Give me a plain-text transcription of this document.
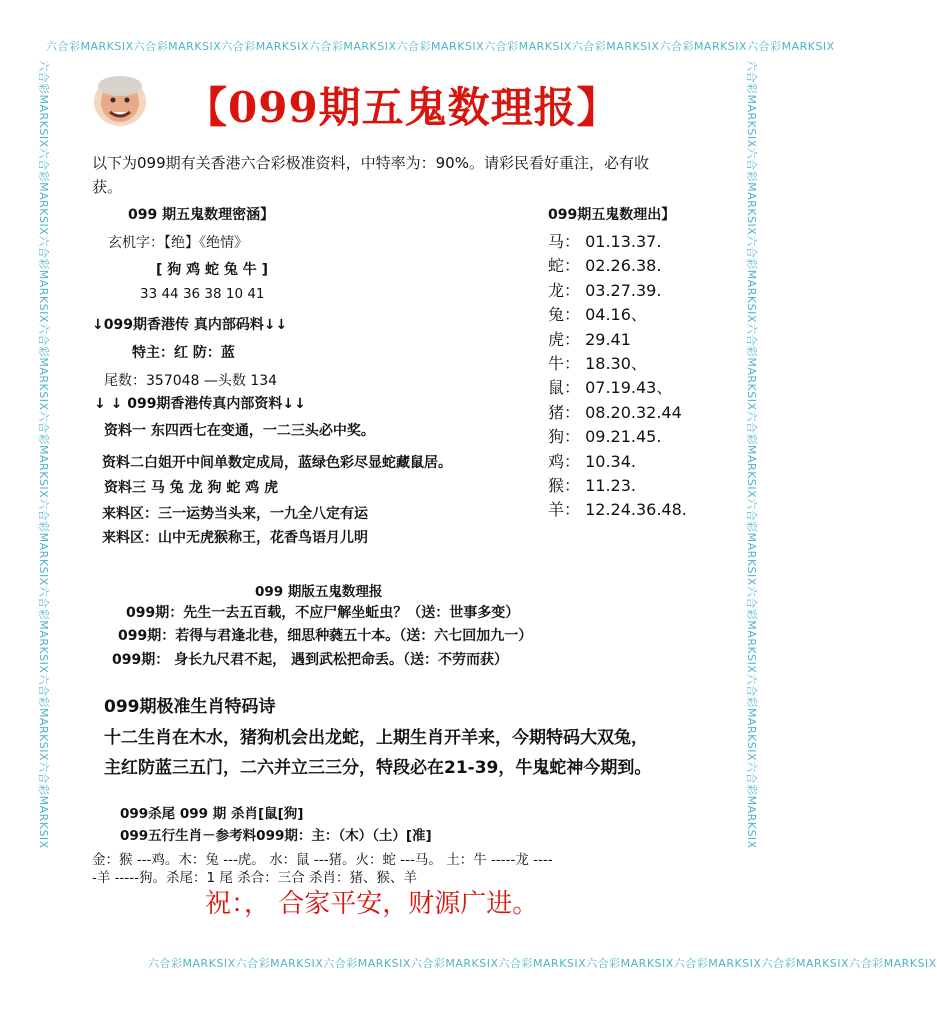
六合彩MARKSIX六合彩MARKSIX六合彩MARKSIX六合彩MARKSIX六合彩MARKSIX六合彩MARKSIX六合彩MARKSIX六合彩MARKSIX六合彩MARKSIX
六合彩MARKSIX六合彩MARKSIX六合彩MARKSIX六合彩MARKSIX六合彩MARKSIX六合彩MARKSIX六合彩MARKSIX六合彩MARKSIX六合彩MARKSIX
六合彩MARKSIX六合彩MARKSIX六合彩MARKSIX六合彩MARKSIX六合彩MARKSIX六合彩MARKSIX六合彩MARKSIX六合彩MARKSIX六合彩MARKSIX	六合彩MARKSIX六合彩MARKSIX六合彩MARKSIX六合彩MARKSIX六合彩MARKSIX六合彩MARKSIX六合彩MARKSIX六合彩MARKSIX六合彩MARKSIX
【099期五鬼数理报】
以下为099期有关香港六合彩极准资料，中特率为：90%。请彩民看好重注，必有收
获。
099 期五鬼数理密涵】
玄机字：【绝】《绝情》
[ 狗 鸡 蛇 兔 牛 ]
33 44 36 38 10 41
↓099期香港传 真内部码料↓↓
特主：红 防：蓝
尾数：357048 —头数 134
↓ ↓ 099期香港传真内部资料↓↓
资料一 东四西七在变通，一二三头必中奖。
资料二白姐开中间单数定成局，蓝绿色彩尽显蛇藏鼠居。
资料三 马 兔 龙 狗 蛇 鸡 虎
来料区：三一运势当头来，一九全八定有运
来料区：山中无虎猴称王，花香鸟语月儿明
099期五鬼数理出】
马： 01.13.37.
蛇： 02.26.38.
龙： 03.27.39.
兔： 04.16、
虎： 29.41
牛： 18.30、
鼠： 07.19.43、
猪： 08.20.32.44
狗： 09.21.45.
鸡： 10.34.
猴： 11.23.
羊： 12.24.36.48.
099 期版五鬼数理报
099期：先生一去五百载，不应尸解坐蚯虫？（送：世事多变）
099期：若得与君逢北巷，细思种蕤五十本。（送：六七回加九一）
099期： 身长九尺君不起， 遇到武松把命丢。（送：不劳而获）
099期极准生肖特码诗
十二生肖在木水，猪狗机会出龙蛇，上期生肖开羊来，今期特码大双兔，
主红防蓝三五门，二六并立三三分，特段必在21-39，牛鬼蛇神今期到。
099杀尾 099 期 杀肖[鼠[狗]
099五行生肖－参考料099期：主：（木）（土）[准]
金：猴 ---鸡。木：兔 ---虎。 水：鼠 ---猪。火：蛇 ---马。 土：牛 -----龙 ----
-羊 -----狗。杀尾：1 尾 杀合：三合 杀肖：猪、猴、羊
祝：， 合家平安，财源广进。
